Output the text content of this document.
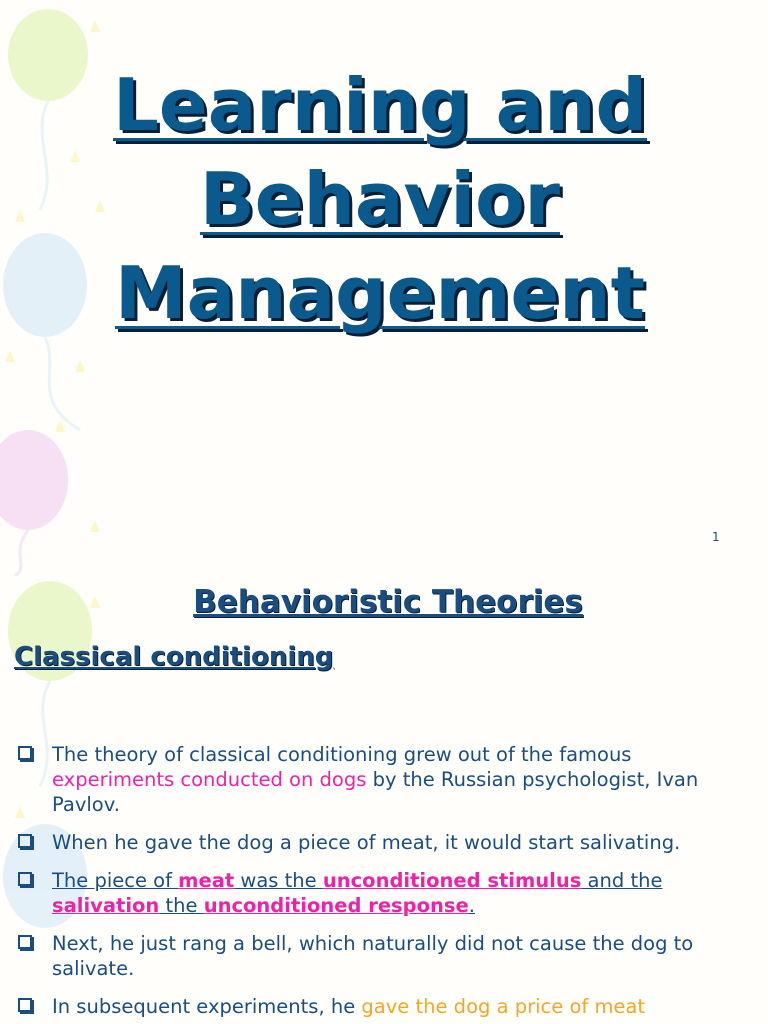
Learning and
Behavior
Management
1
Behavioristic Theories
Classical conditioning
The theory of classical conditioning grew out of the famous experiments conducted on dogs by the Russian psychologist, Ivan Pavlov.
When he gave the dog a piece of meat, it would start salivating.
The piece of meat was the unconditioned stimulus and the salivation the unconditioned response.
Next, he just rang a bell, which naturally did not cause the dog to salivate.
In subsequent experiments, he gave the dog a price of meat
